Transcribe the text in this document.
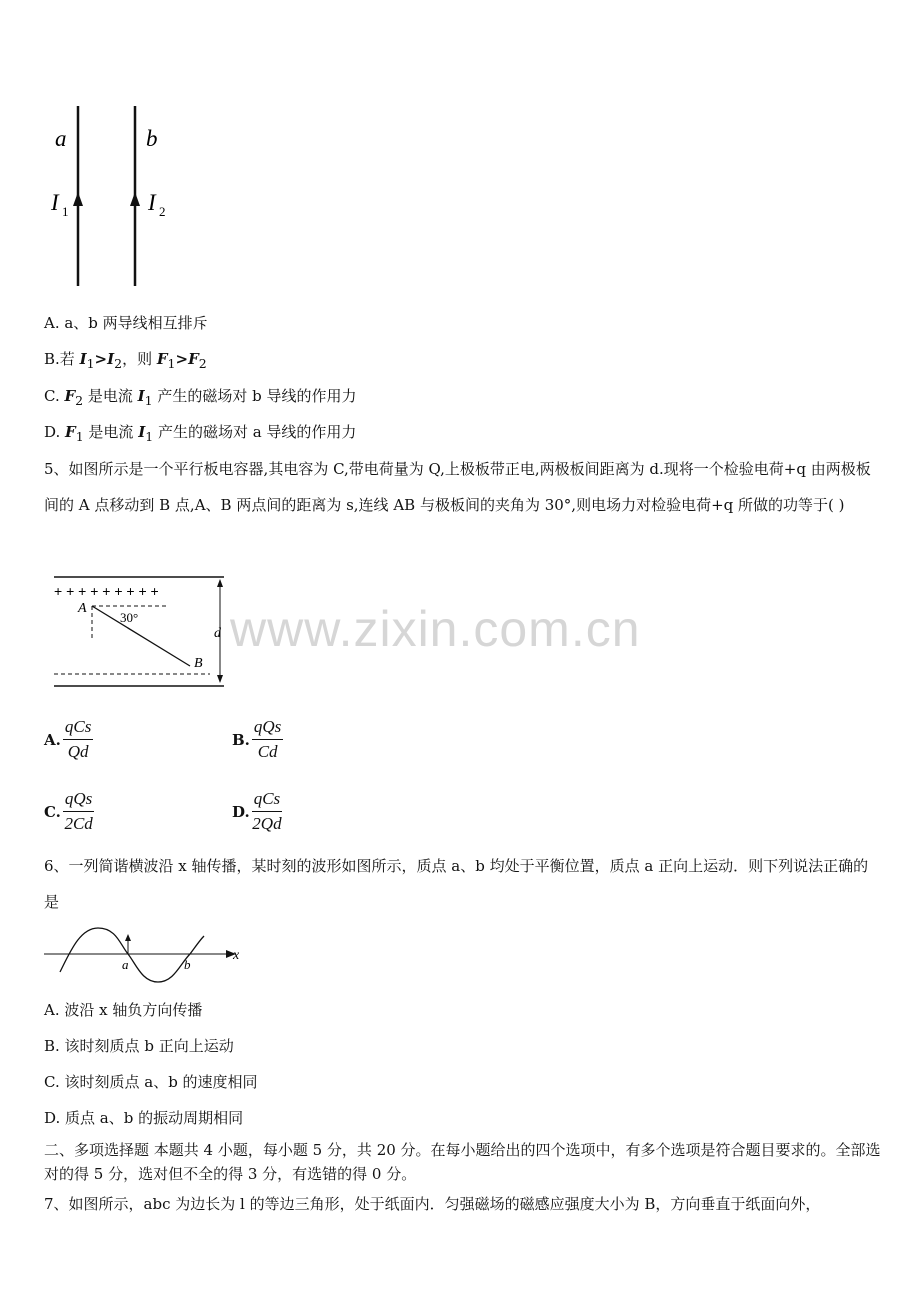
a	b
I 1	I 2
A. a、b 两导线相互排斥
B.若 $I_1>I_2$，则 $F_1>F_2$
C. $F_2$ 是电流 $I_1$ 产生的磁场对 b 导线的作用力
D. $F_1$ 是电流 $I_1$ 产生的磁场对 a 导线的作用力
5、如图所示是一个平行板电容器,其电容为 C,带电荷量为 Q,上极板带正电,两极板间距离为 d.现将一个检验电荷+q 由两极板间的 A 点移动到 B 点,A、B 两点间的距离为 s,连线 AB 与极板间的夹角为 30°,则电场力对检验电荷+q 所做的功等于( )
+ + + + + + + + +
A
30°
B
d www.zixin.com.cn
A. $\frac{\text{qCs}}{Qd}$	B. $\frac{\text{qQs}}{Cd}$
C. $\frac{\text{qQs}}{2Cd}$	D. $\frac{\text{qCs}}{2Qd}$
6、一列简谐横波沿 x 轴传播，某时刻的波形如图所示，质点 a、b 均处于平衡位置，质点 a 正向上运动．则下列说法正确的是
x
a	b
A. 波沿 x 轴负方向传播
B. 该时刻质点 b 正向上运动
C. 该时刻质点 a、b 的速度相同
D. 质点 a、b 的振动周期相同
二、多项选择题 本题共 4 小题，每小题 5 分，共 20 分。在每小题给出的四个选项中，有多个选项是符合题目要求的。全部选对的得 5 分，选对但不全的得 3 分，有选错的得 0 分。
7、如图所示，abc 为边长为 l 的等边三角形，处于纸面内．匀强磁场的磁感应强度大小为 B，方向垂直于纸面向外，
